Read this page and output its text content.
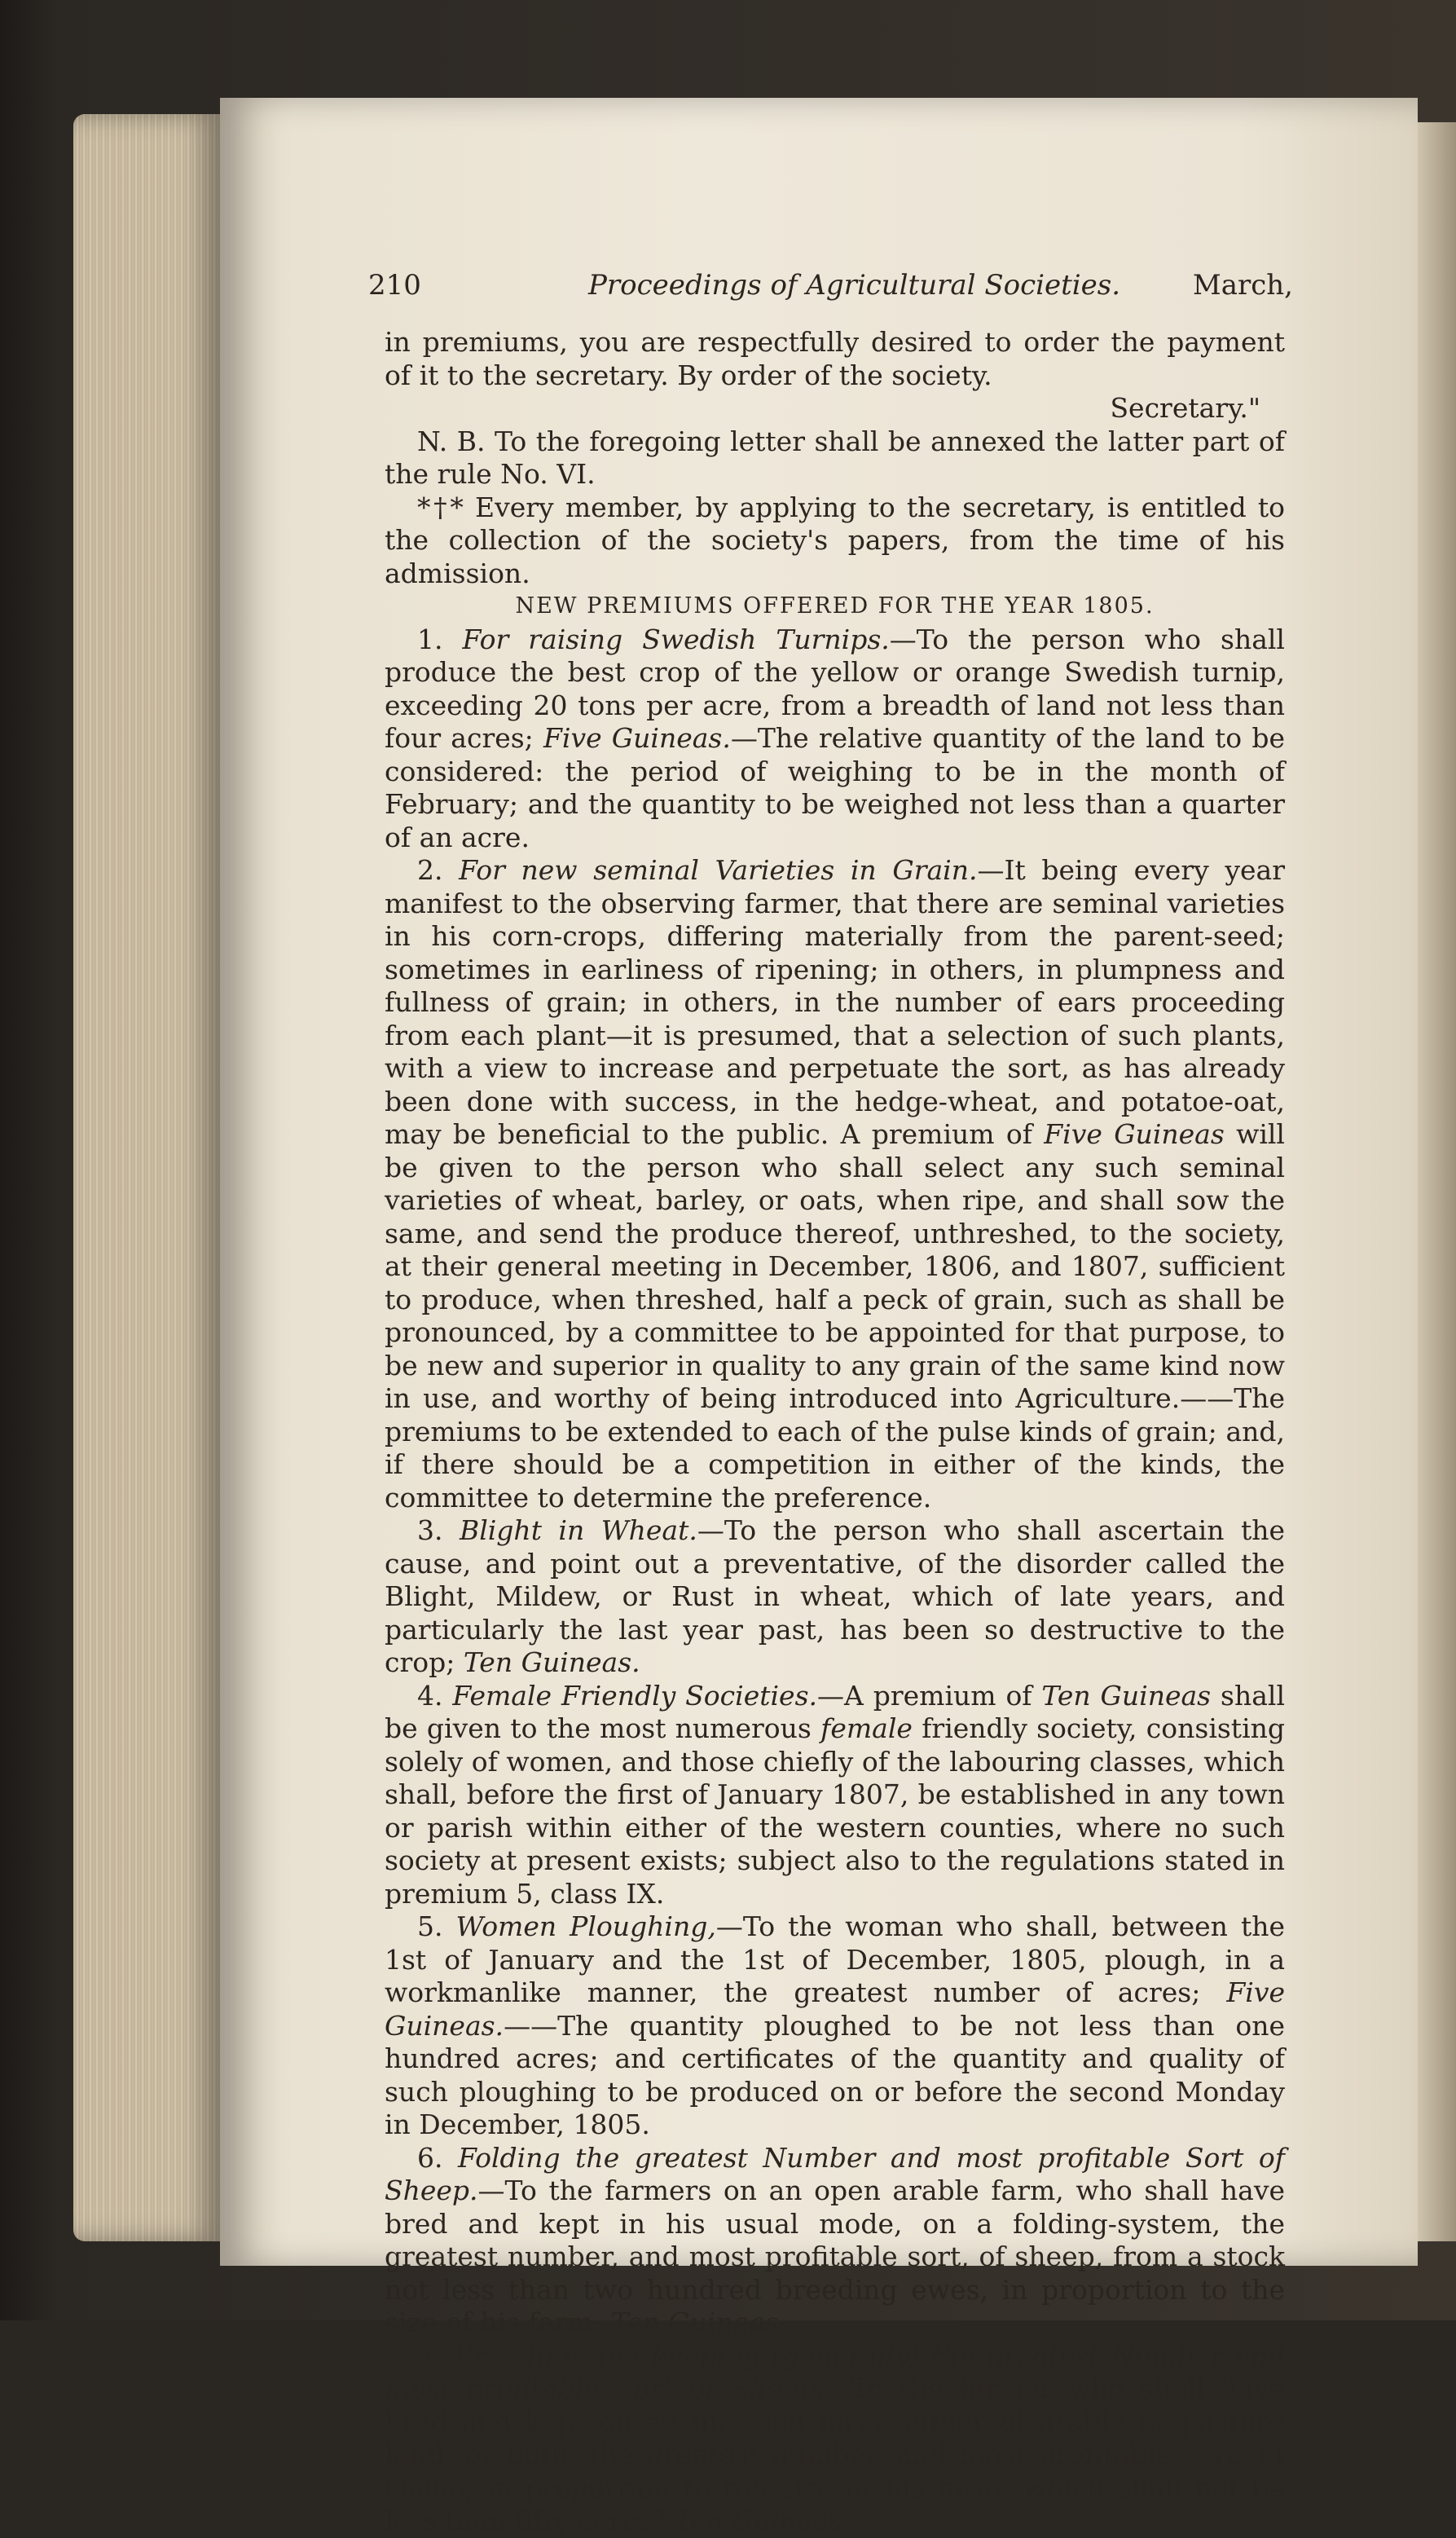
210	Proceedings of Agricultural Societies.	March,

in premiums, you are respectfully desired to order the payment of it to the secretary. By order of the society.

Secretary."

N. B. To the foregoing letter shall be annexed the latter part of the rule No. VI.

*†* Every member, by applying to the secretary, is entitled to the collection of the society's papers, from the time of his admission.

NEW PREMIUMS OFFERED FOR THE YEAR 1805.

1. For raising Swedish Turnips.—To the person who shall produce the best crop of the yellow or orange Swedish turnip, exceeding 20 tons per acre, from a breadth of land not less than four acres; Five Guineas.—The relative quantity of the land to be considered: the period of weighing to be in the month of February; and the quantity to be weighed not less than a quarter of an acre.

2. For new seminal Varieties in Grain.—It being every year manifest to the observing farmer, that there are seminal varieties in his corn-crops, differing materially from the parent-seed; sometimes in earliness of ripening; in others, in plumpness and fullness of grain; in others, in the number of ears proceeding from each plant—it is presumed, that a selection of such plants, with a view to increase and perpetuate the sort, as has already been done with success, in the hedge-wheat, and potatoe-oat, may be beneficial to the public. A premium of Five Guineas will be given to the person who shall select any such seminal varieties of wheat, barley, or oats, when ripe, and shall sow the same, and send the produce thereof, unthreshed, to the society, at their general meeting in December, 1806, and 1807, sufficient to produce, when threshed, half a peck of grain, such as shall be pronounced, by a committee to be appointed for that purpose, to be new and superior in quality to any grain of the same kind now in use, and worthy of being introduced into Agriculture.——The premiums to be extended to each of the pulse kinds of grain; and, if there should be a competition in either of the kinds, the committee to determine the preference.

3. Blight in Wheat.—To the person who shall ascertain the cause, and point out a preventative, of the disorder called the Blight, Mildew, or Rust in wheat, which of late years, and particularly the last year past, has been so destructive to the crop; Ten Guineas.

4. Female Friendly Societies.—A premium of Ten Guineas shall be given to the most numerous female friendly society, consisting solely of women, and those chiefly of the labouring classes, which shall, before the first of January 1807, be established in any town or parish within either of the western counties, where no such society at present exists; subject also to the regulations stated in premium 5, class IX.

5. Women Ploughing,—To the woman who shall, between the 1st of January and the 1st of December, 1805, plough, in a workmanlike manner, the greatest number of acres; Five Guineas.——The quantity ploughed to be not less than one hundred acres; and certificates of the quantity and quality of such ploughing to be produced on or before the second Monday in December, 1805.

6. Folding the greatest Number and most profitable Sort of Sheep.—To the farmers on an open arable farm, who shall have bred and kept in his usual mode, on a folding-system, the greatest number, and most profitable sort, of sheep, from a stock not less than two hundred breeding ewes, in proportion to the size of his farm; Ten Guineas.

7. Breeding and keeping (generally) the greatest Number and most profitable Sort of Sheep.—To the farmer who shall have bred and kept on an inclosed farm, either of arable or pasture land, or both, the greatest number, and most profitable sort, of sheep, in proportion to the size of his farm, which shall not be less than fifty acres? Ten Guineas.
